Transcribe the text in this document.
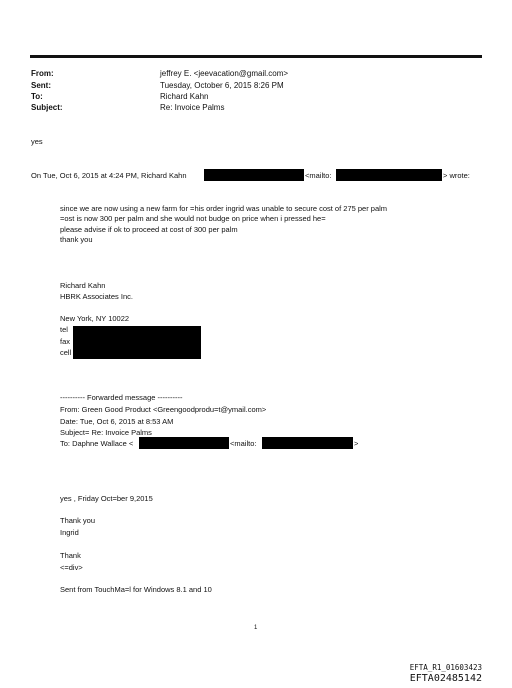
From:	jeffrey E. <jeevacation@gmail.com>
Sent:	Tuesday, October 6, 2015 8:26 PM
To:	Richard Kahn
Subject:	Re: Invoice Palms
yes
On Tue, Oct 6, 2015 at 4:24 PM, Richard Kahn	<mailto:	> wrote:
since we are now using a new farm for =his order ingrid was unable to secure cost of 275 per palm
=ost is now 300 per palm and she would not budge on price when i pressed he=
please advise if ok to proceed at cost of 300 per palm
thank you
Richard Kahn
HBRK Associates Inc.
New York, NY 10022
tel
fax
cell
---------- Forwarded message ----------
From: Green Good Product <Greengoodprodu=t@ymail.com>
Date: Tue, Oct 6, 2015 at 8:53 AM
Subject= Re: Invoice Palms
To: Daphne Wallace <	<mailto:	>
yes , Friday Oct=ber 9,2015
Thank you
Ingrid
Thank
<=div>
Sent from TouchMa=l for Windows 8.1 and 10
1
EFTA_R1_01603423
EFTA02485142
